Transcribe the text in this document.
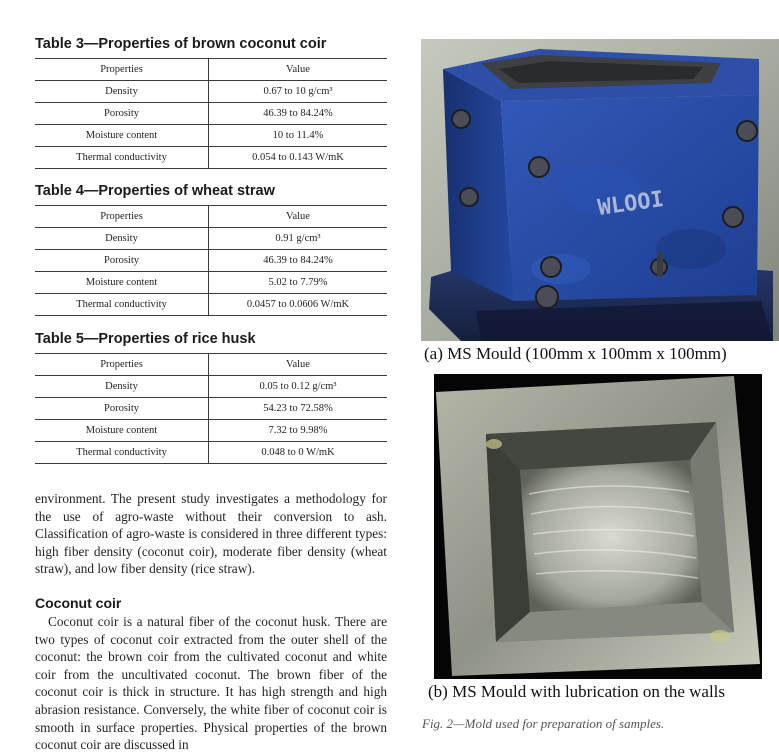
Table 3—Properties of brown coconut coir
Properties	Value
Density	0.67 to 10 g/cm³
Porosity	46.39 to 84.24%
Moisture content	10 to 11.4%
Thermal conductivity	0.054 to 0.143 W/mK
Table 4—Properties of wheat straw
Properties	Value
Density	0.91 g/cm³
Porosity	46.39 to 84.24%
Moisture content	5.02 to 7.79%
Thermal conductivity	0.0457 to 0.0606 W/mK
Table 5—Properties of rice husk
Properties	Value
Density	0.05 to 0.12 g/cm³
Porosity	54.23 to 72.58%
Moisture content	7.32 to 9.98%
Thermal conductivity	0.048 to 0 W/mK

environment. The present study investigates a methodology for the use of agro-waste without their conversion to ash. Classification of agro-waste is considered in three different types: high fiber density (coconut coir), moderate fiber density (wheat straw), and low fiber density (rice straw).

Coconut coir

Coconut coir is a natural fiber of the coconut husk. There are two types of coconut coir extracted from the outer shell of the coconut: the brown coir from the cultivated coconut and white coir from the uncultivated coconut. The brown fiber of the coconut coir is thick in structure. It has high strength and high abrasion resistance. Conversely, the white fiber of coconut coir is smooth in surface properties. Physical properties of the brown coconut coir are discussed in

WLOOI
(a) MS Mould (100mm x 100mm x 100mm)
(b) MS Mould with lubrication on the walls
Fig. 2—Mold used for preparation of samples.
